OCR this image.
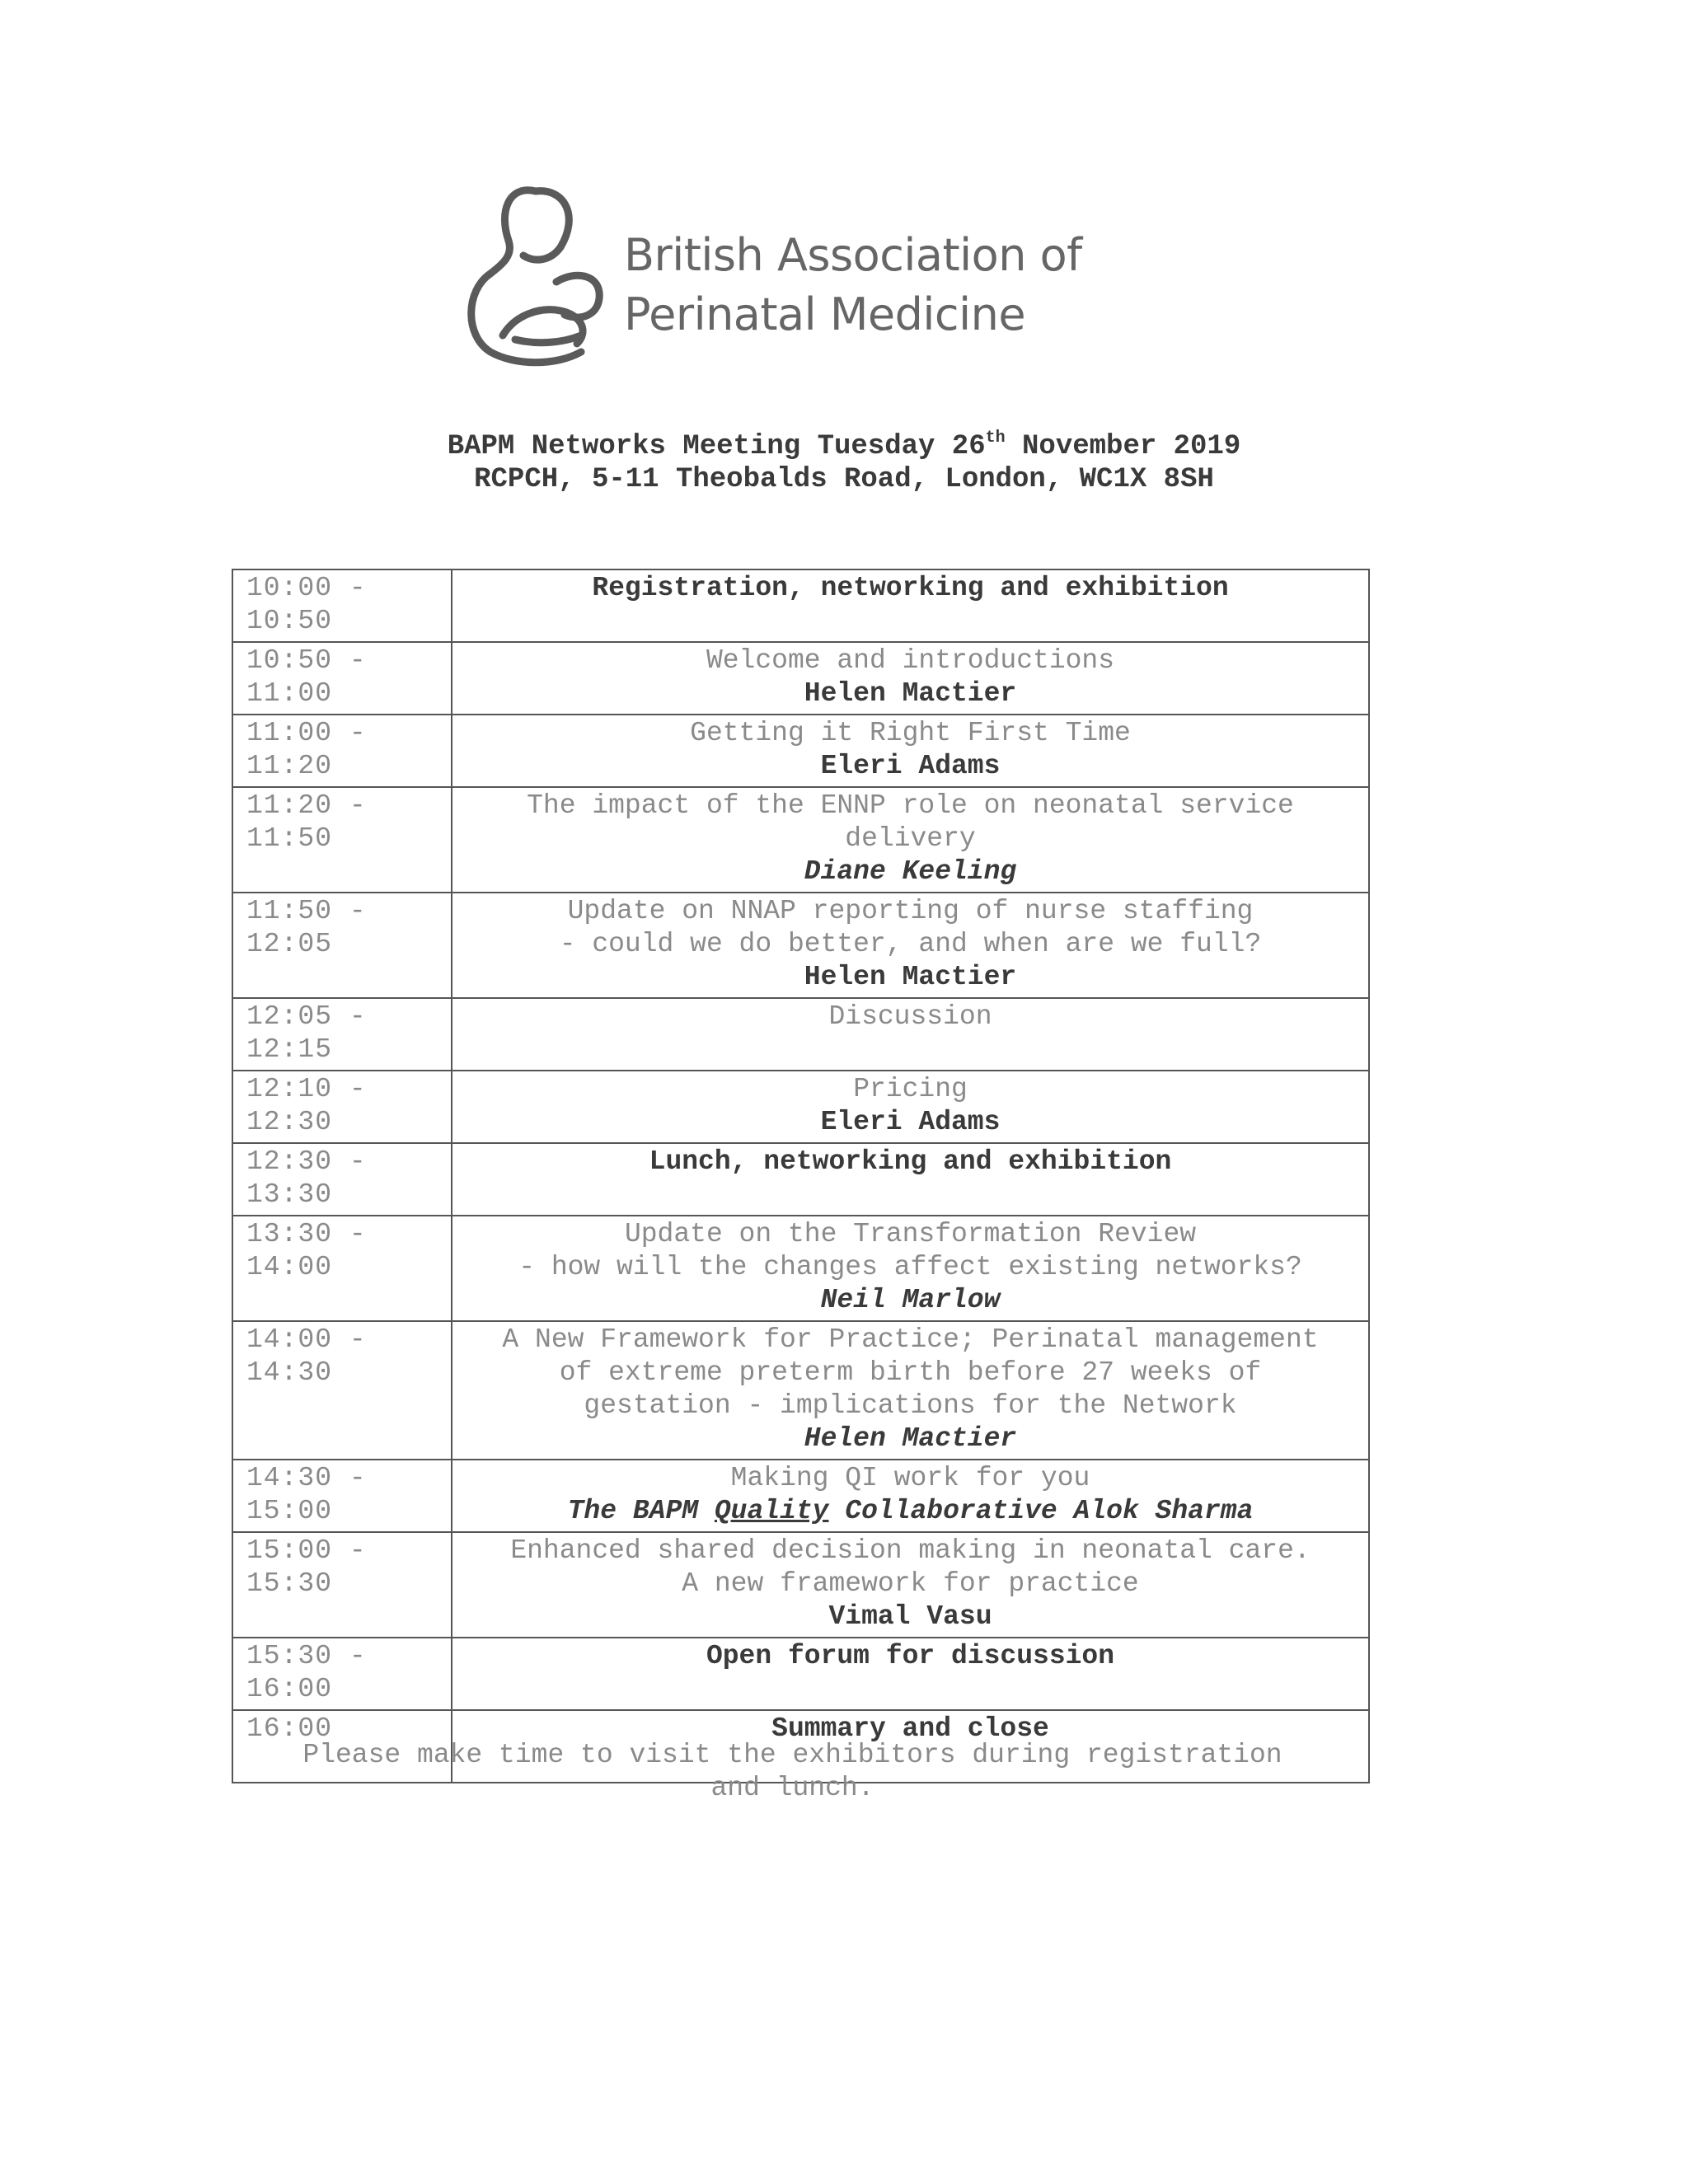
British Association of
Perinatal Medicine
BAPM Networks Meeting Tuesday 26th November 2019
RCPCH, 5-11 Theobalds Road, London, WC1X 8SH
10:00 -
10:50	Registration, networking and exhibition

10:50 -
11:00	Welcome and introductions
Helen Mactier

11:00 -
11:20	Getting it Right First Time
Eleri Adams

11:20 -
11:50	The impact of the ENNP role on neonatal service
delivery
Diane Keeling

11:50 -
12:05	Update on NNAP reporting of nurse staffing
- could we do better, and when are we full?
Helen Mactier

12:05 -
12:15	Discussion

12:10 -
12:30	Pricing
Eleri Adams

12:30 -
13:30	Lunch, networking and exhibition

13:30 -
14:00	Update on the Transformation Review
- how will the changes affect existing networks?
Neil Marlow

14:00 -
14:30	A New Framework for Practice; Perinatal management
of extreme preterm birth before 27 weeks of
gestation - implications for the Network
Helen Mactier

14:30 -
15:00	Making QI work for you
The BAPM Quality Collaborative Alok Sharma

15:00 -
15:30	Enhanced shared decision making in neonatal care.
A new framework for practice
Vimal Vasu

15:30 -
16:00	Open forum for discussion

16:00	Summary and close
Please make time to visit the exhibitors during registration
and lunch.
